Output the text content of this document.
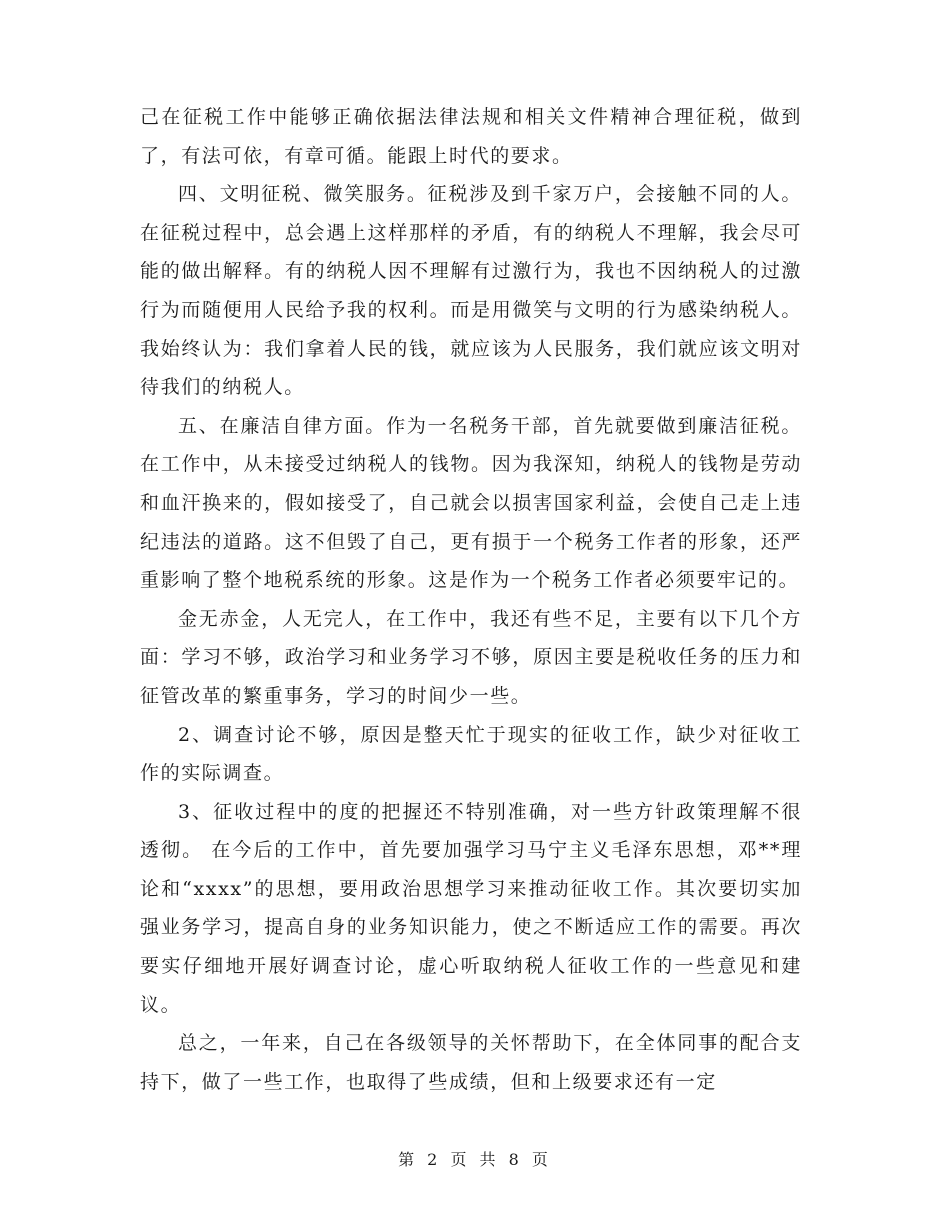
己在征税工作中能够正确依据法律法规和相关文件精神合理征税，做到了，有法可依，有章可循。能跟上时代的要求。

四、文明征税、微笑服务。征税涉及到千家万户，会接触不同的人。在征税过程中，总会遇上这样那样的矛盾，有的纳税人不理解，我会尽可能的做出解释。有的纳税人因不理解有过激行为，我也不因纳税人的过激行为而随便用人民给予我的权利。而是用微笑与文明的行为感染纳税人。我始终认为：我们拿着人民的钱，就应该为人民服务，我们就应该文明对待我们的纳税人。

五、在廉洁自律方面。作为一名税务干部，首先就要做到廉洁征税。在工作中，从未接受过纳税人的钱物。因为我深知，纳税人的钱物是劳动和血汗换来的，假如接受了，自己就会以损害国家利益，会使自己走上违纪违法的道路。这不但毁了自己，更有损于一个税务工作者的形象，还严重影响了整个地税系统的形象。这是作为一个税务工作者必须要牢记的。

金无赤金，人无完人，在工作中，我还有些不足，主要有以下几个方面：学习不够，政治学习和业务学习不够，原因主要是税收任务的压力和征管改革的繁重事务，学习的时间少一些。

2、调查讨论不够，原因是整天忙于现实的征收工作，缺少对征收工作的实际调查。

3、征收过程中的度的把握还不特别准确，对一些方针政策理解不很透彻。 在今后的工作中，首先要加强学习马宁主义毛泽东思想，邓**理论和“xxxx”的思想，要用政治思想学习来推动征收工作。其次要切实加强业务学习，提高自身的业务知识能力，使之不断适应工作的需要。再次要实仔细地开展好调查讨论，虚心听取纳税人征收工作的一些意见和建议。

总之，一年来，自己在各级领导的关怀帮助下，在全体同事的配合支持下，做了一些工作，也取得了些成绩，但和上级要求还有一定

第 2 页 共 8 页
